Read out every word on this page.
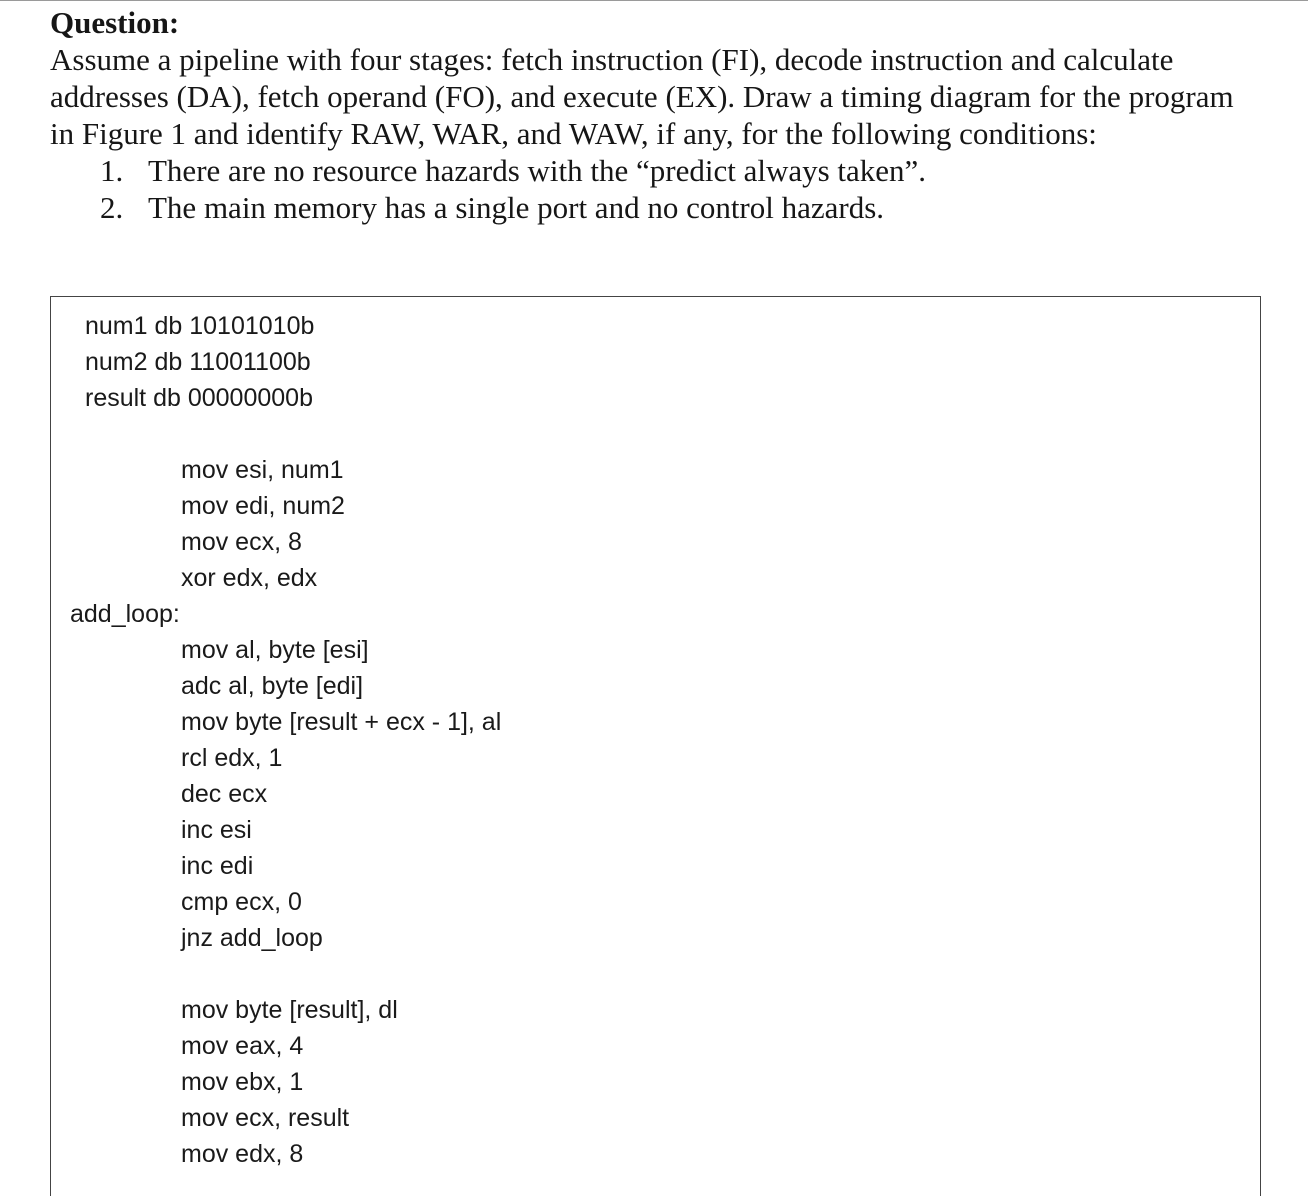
Question:

Assume a pipeline with four stages: fetch instruction (FI), decode instruction and calculate

addresses (DA), fetch operand (FO), and execute (EX). Draw a timing diagram for the program

in Figure 1 and identify RAW, WAR, and WAW, if any, for the following conditions:

1. There are no resource hazards with the “predict always taken”.
2. The main memory has a single port and no control hazards.
num1 db 10101010b
num2 db 11001100b
result db 00000000b
mov esi, num1
mov edi, num2
mov ecx, 8
xor edx, edx
add_loop:
mov al, byte [esi]
adc al, byte [edi]
mov byte [result + ecx - 1], al
rcl edx, 1
dec ecx
inc esi
inc edi
cmp ecx, 0
jnz add_loop
mov byte [result], dl
mov eax, 4
mov ebx, 1
mov ecx, result
mov edx, 8
